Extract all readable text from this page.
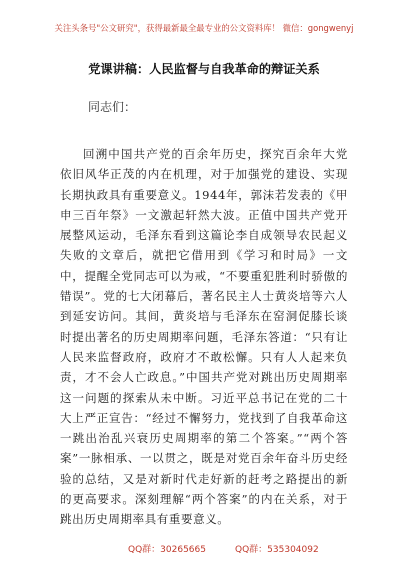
关注头条号"公文研究"，获得最新最全最专业的公文资料库！ 微信：gongwenyj
党课讲稿：人民监督与自我革命的辩证关系
同志们：

回溯中国共产党的百余年历史，探究百余年大党依旧风华正茂的内在机理，对于加强党的建设、实现长期执政具有重要意义。1944年，郭沫若发表的《甲申三百年祭》一文激起轩然大波。正值中国共产党开展整风运动，毛泽东看到这篇论李自成领导农民起义失败的文章后，就把它借用到《学习和时局》一文中，提醒全党同志可以为戒，“不要重犯胜利时骄傲的错误”。党的七大闭幕后，著名民主人士黄炎培等六人到延安访问。其间，黄炎培与毛泽东在窑洞促膝长谈时提出著名的历史周期率问题，毛泽东答道：“只有让人民来监督政府，政府才不敢松懈。只有人人起来负责，才不会人亡政息。”中国共产党对跳出历史周期率这一问题的探索从未中断。习近平总书记在党的二十大上严正宣告：“经过不懈努力，党找到了自我革命这一跳出治乱兴衰历史周期率的第二个答案。”“两个答案”一脉相承、一以贯之，既是对党百余年奋斗历史经验的总结，又是对新时代走好新的赶考之路提出的新的更高要求。深刻理解“两个答案”的内在关系，对于跳出历史周期率具有重要意义。

QQ群：30265665	QQ群：535304092
